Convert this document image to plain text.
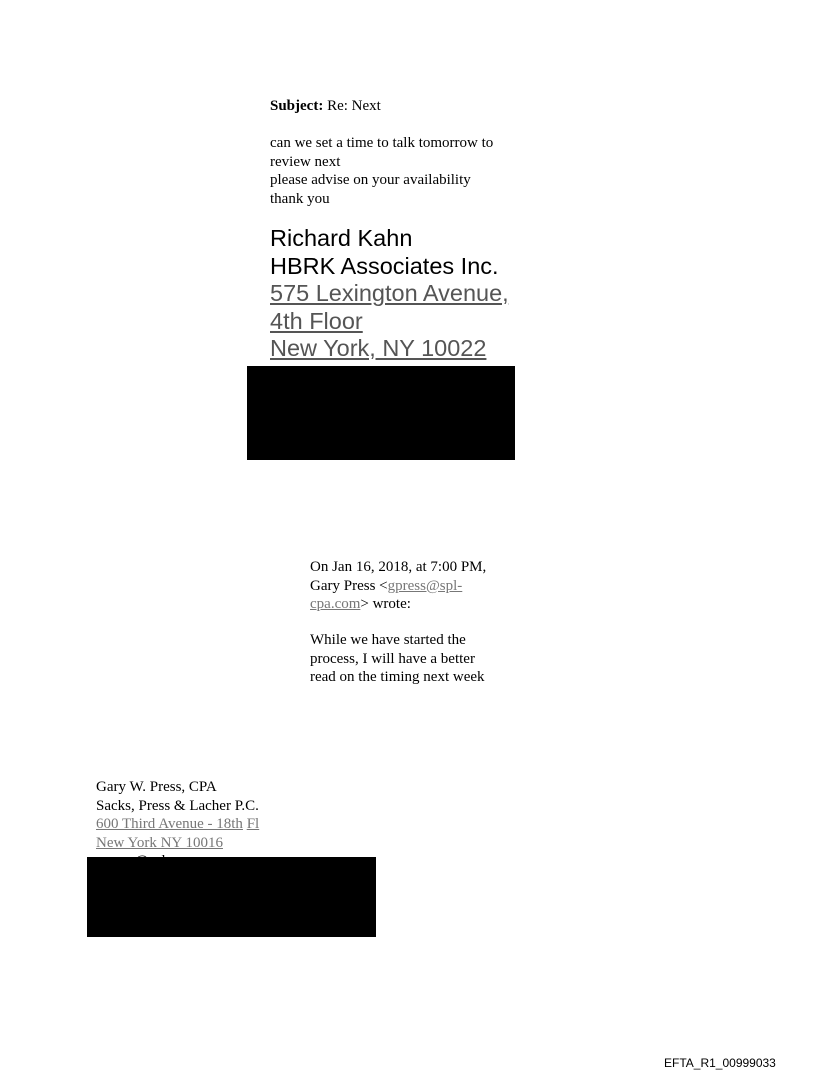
Subject: Re: Next
can we set a time to talk tomorrow to
review next
please advise on your availability
thank you
Richard Kahn
HBRK Associates Inc.
575 Lexington Avenue,
4th Floor
New York, NY 10022
On Jan 16, 2018, at 7:00 PM,
Gary Press <gpress@spl-
cpa.com> wrote:
While we have started the
process, I will have a better
read on the timing next week
Gary W. Press, CPA
Sacks, Press & Lacher P.C.
600 Third Avenue - 18th Fl
New York NY 10016
EFTA_R1_00999033
